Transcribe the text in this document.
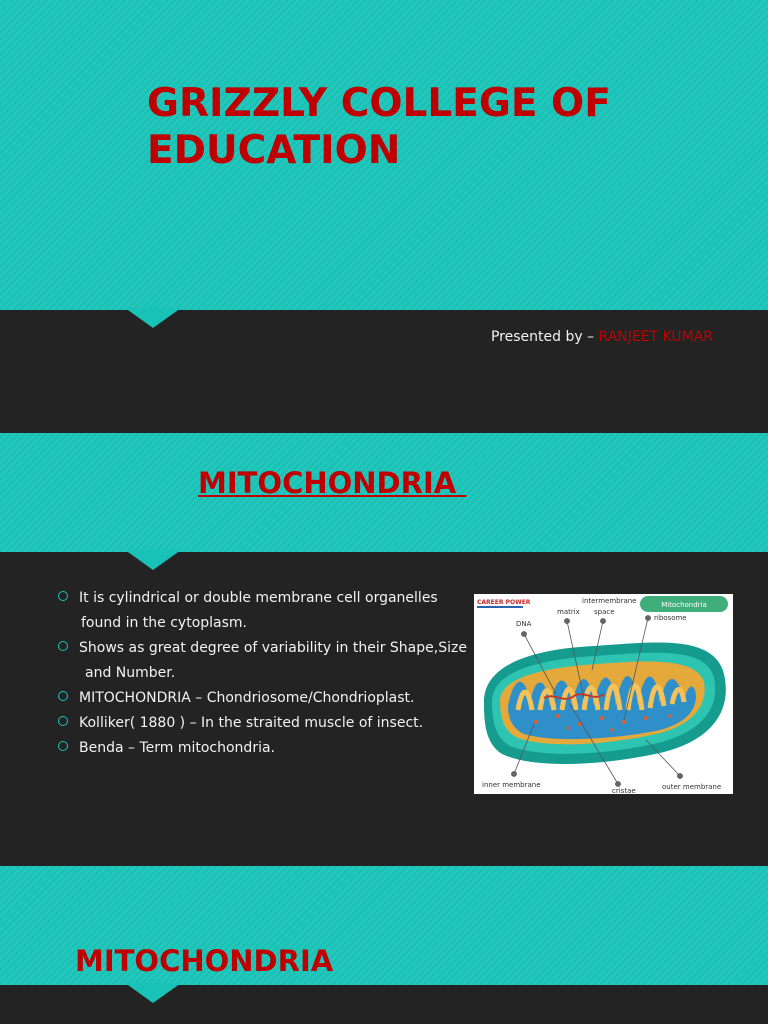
GRIZZLY COLLEGE OF
EDUCATION
Presented by – RANJEET KUMAR
MITOCHONDRIA
It is cylindrical or double membrane cell organelles
found in the cytoplasm.
Shows as great degree of variability in their Shape,Size
and Number.
MITOCHONDRIA – Chondriosome/Chondrioplast.
Kolliker( 1880 ) – In the straited muscle of insect.
Benda – Term mitochondria.
CAREER POWER	Mitochondria
DNA
matrix
intermembrane
space
ribosome
inner membrane
cristae	outer membrane
MITOCHONDRIA
